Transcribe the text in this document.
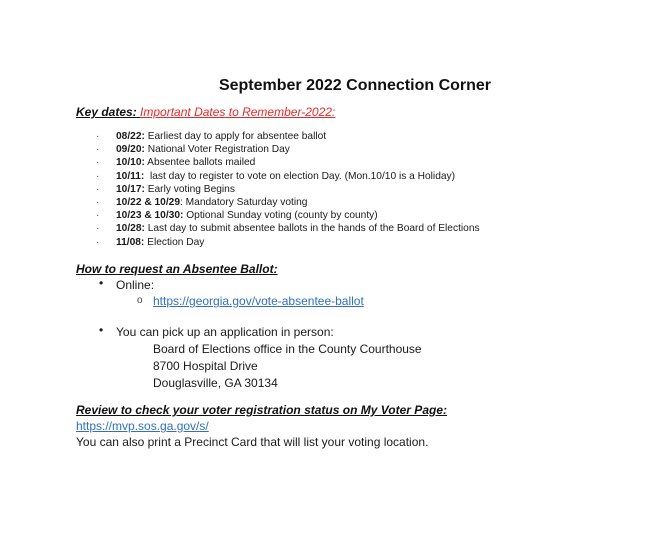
September 2022 Connection Corner
Key dates: Important Dates to Remember-2022:
· 08/22: Earliest day to apply for absentee ballot
· 09/20: National Voter Registration Day
· 10/10: Absentee ballots mailed
· 10/11:  last day to register to vote on election Day. (Mon.10/10 is a Holiday)
· 10/17: Early voting Begins
· 10/22 & 10/29: Mandatory Saturday voting
· 10/23 & 10/30: Optional Sunday voting (county by county)
· 10/28: Last day to submit absentee ballots in the hands of the Board of Elections
· 11/08: Election Day
How to request an Absentee Ballot:
• Online:
o https://georgia.gov/vote-absentee-ballot
• You can pick up an application in person:
Board of Elections office in the County Courthouse
8700 Hospital Drive
Douglasville, GA 30134
Review to check your voter registration status on My Voter Page:
https://mvp.sos.ga.gov/s/
You can also print a Precinct Card that will list your voting location.
